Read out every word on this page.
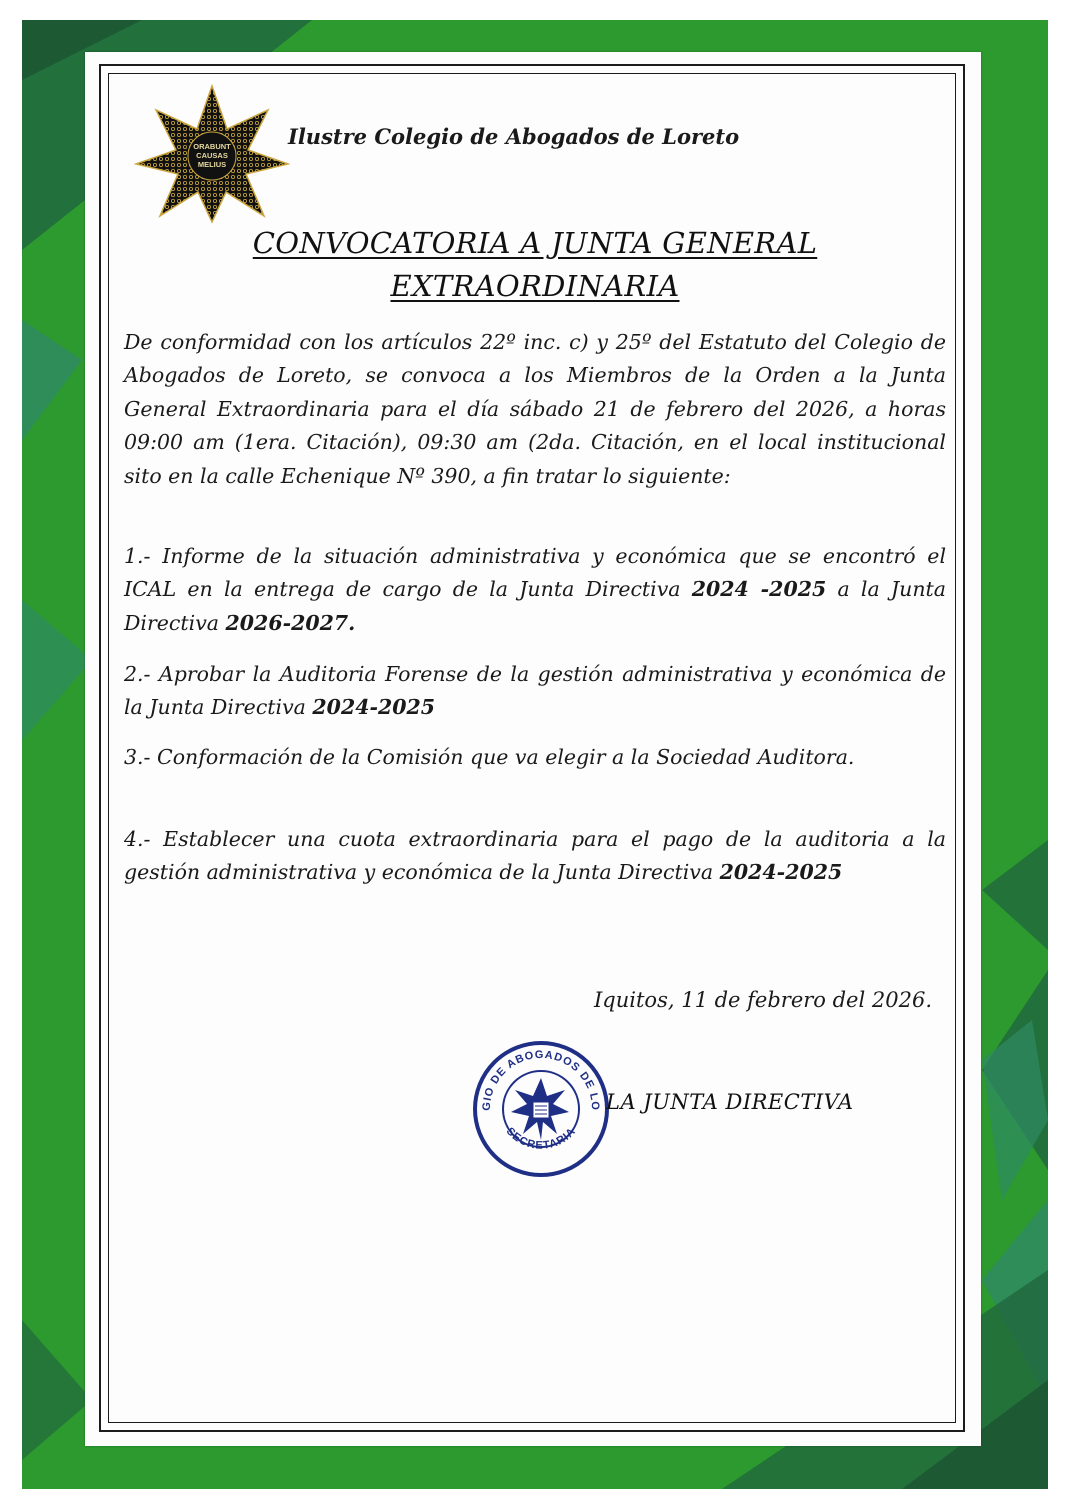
ORABUNT
CAUSAS
MELIUS
Ilustre Colegio de Abogados de Loreto
CONVOCATORIA A JUNTA GENERAL
EXTRAORDINARIA

De conformidad con los artículos 22º inc. c) y 25º del Estatuto del Colegio de Abogados de Loreto, se convoca a los Miembros de la Orden a la Junta General Extraordinaria para el día sábado 21 de febrero del 2026, a horas 09:00 am (1era. Citación), 09:30 am (2da. Citación, en el local institucional sito en la calle Echenique Nº 390, a fin tratar lo siguiente:

1.- Informe de la situación administrativa y económica que se encontró el ICAL en la entrega de cargo de la Junta Directiva 2024 -2025 a la Junta Directiva 2026-2027.

2.- Aprobar la Auditoria Forense de la gestión administrativa y económica de la Junta Directiva 2024-2025

3.- Conformación de la Comisión que va elegir a la Sociedad Auditora.

4.- Establecer una cuota extraordinaria para el pago de la auditoria a la gestión administrativa y económica de la Junta Directiva 2024-2025

Iquitos, 11 de febrero del 2026.
GIO DE ABOGADOS DE LO
SECRETARIA
LA JUNTA DIRECTIVA
